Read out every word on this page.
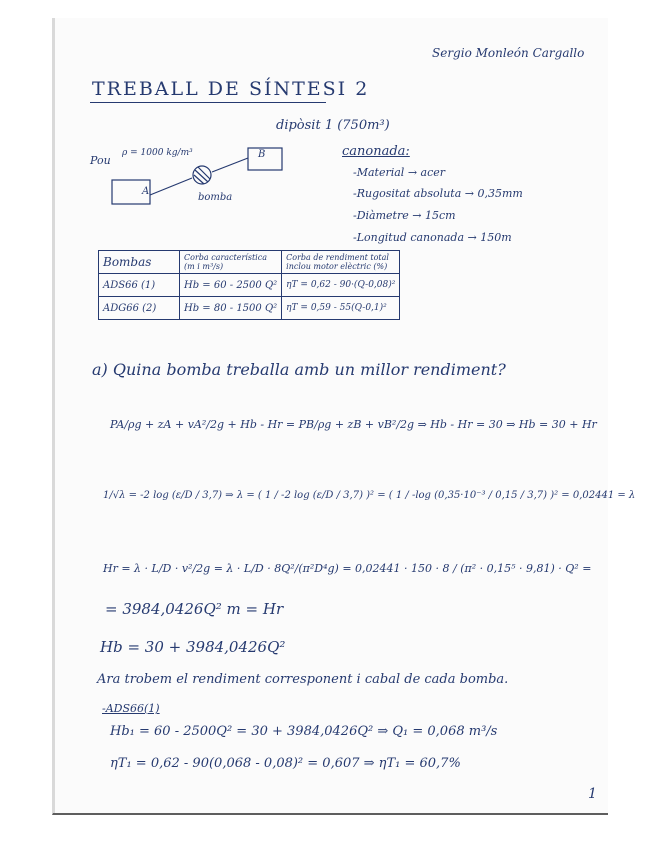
Sergio Monleón Cargallo
TREBALL DE SÍNTESI 2
Pou
ρ = 1000 kg/m³
A
B
bomba
dipòsit 1 (750m³)
canonada:
-Material → acer
-Rugositat absoluta → 0,35mm
-Diàmetre → 15cm
-Longitud canonada → 150m
Bombas	Corba característica (m i m³/s)	Corba de rendiment total inclou motor elèctric (%)
ADS66 (1)	Hb = 60 - 2500 Q²	ηT = 0,62 - 90·(Q-0,08)²
ADG66 (2)	Hb = 80 - 1500 Q²	ηT = 0,59 - 55(Q-0,1)²
a) Quina bomba treballa amb un millor rendiment?
PA/ρg + zA + vA²/2g + Hb - Hr = PB/ρg + zB + vB²/2g ⇒ Hb - Hr = 30 ⇒ Hb = 30 + Hr
1/√λ = -2 log (ε/D / 3,7) ⇒ λ = ( 1 / -2 log (ε/D / 3,7) )² = ( 1 / -log (0,35·10⁻³ / 0,15 / 3,7) )² = 0,02441 = λ
Hr = λ · L/D · v²/2g = λ · L/D · 8Q²/(π²D⁴g) = 0,02441 · 150 · 8 / (π² · 0,15⁵ · 9,81) · Q² =
= 3984,0426Q² m = Hr
Hb = 30 + 3984,0426Q²
Ara trobem el rendiment corresponent i cabal de cada bomba.
-ADS66(1)
Hb₁ = 60 - 2500Q² = 30 + 3984,0426Q² ⇒ Q₁ = 0,068 m³/s
ηT₁ = 0,62 - 90(0,068 - 0,08)² = 0,607 ⇒ ηT₁ = 60,7%
1
